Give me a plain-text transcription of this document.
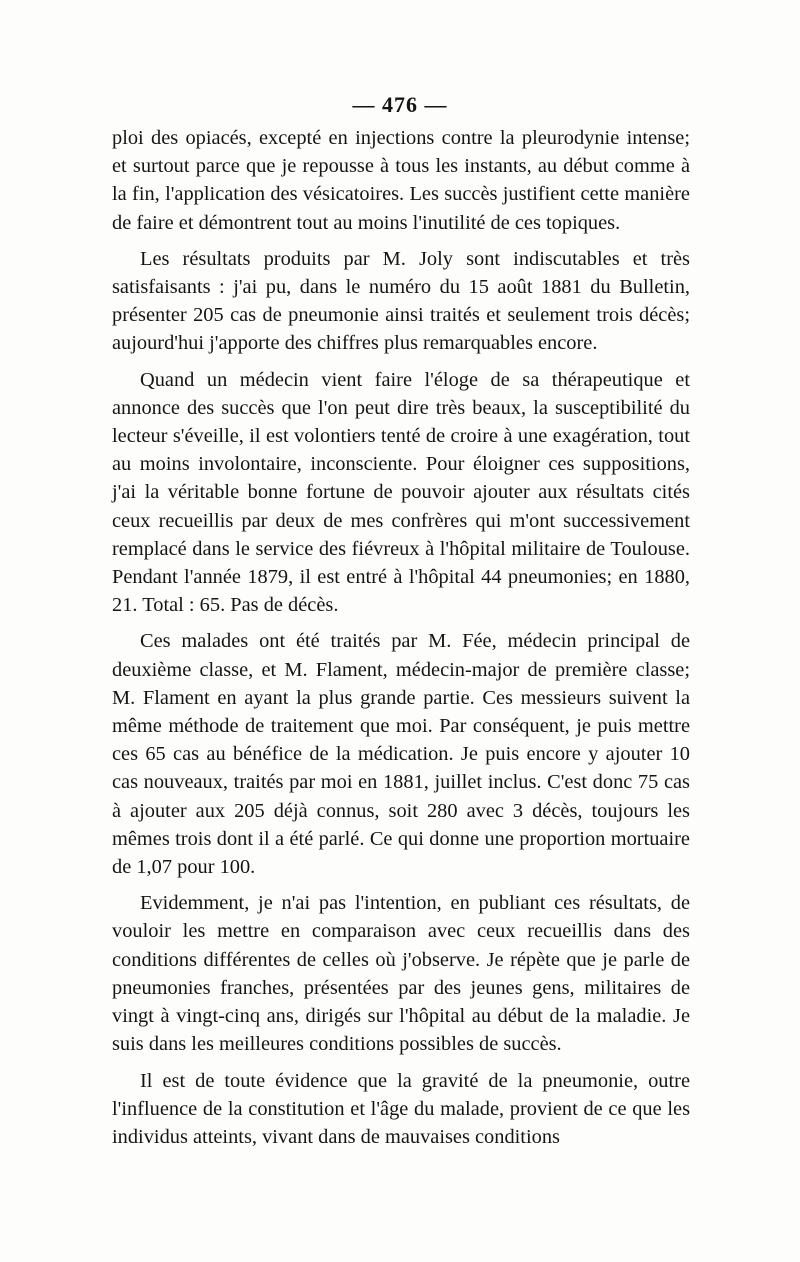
— 476 —

ploi des opiacés, excepté en injections contre la pleurodynie intense; et surtout parce que je repousse à tous les instants, au début comme à la fin, l'application des vésicatoires. Les succès justifient cette manière de faire et démontrent tout au moins l'inutilité de ces topiques.

Les résultats produits par M. Joly sont indiscutables et très satisfaisants : j'ai pu, dans le numéro du 15 août 1881 du Bulletin, présenter 205 cas de pneumonie ainsi traités et seulement trois décès; aujourd'hui j'apporte des chiffres plus remarquables encore.

Quand un médecin vient faire l'éloge de sa thérapeutique et annonce des succès que l'on peut dire très beaux, la susceptibilité du lecteur s'éveille, il est volontiers tenté de croire à une exagération, tout au moins involontaire, inconsciente. Pour éloigner ces suppositions, j'ai la véritable bonne fortune de pouvoir ajouter aux résultats cités ceux recueillis par deux de mes confrères qui m'ont successivement remplacé dans le service des fiévreux à l'hôpital militaire de Toulouse. Pendant l'année 1879, il est entré à l'hôpital 44 pneumonies; en 1880, 21. Total : 65. Pas de décès.

Ces malades ont été traités par M. Fée, médecin principal de deuxième classe, et M. Flament, médecin-major de première classe; M. Flament en ayant la plus grande partie. Ces messieurs suivent la même méthode de traitement que moi. Par conséquent, je puis mettre ces 65 cas au bénéfice de la médication. Je puis encore y ajouter 10 cas nouveaux, traités par moi en 1881, juillet inclus. C'est donc 75 cas à ajouter aux 205 déjà connus, soit 280 avec 3 décès, toujours les mêmes trois dont il a été parlé. Ce qui donne une proportion mortuaire de 1,07 pour 100.

Evidemment, je n'ai pas l'intention, en publiant ces résultats, de vouloir les mettre en comparaison avec ceux recueillis dans des conditions différentes de celles où j'observe. Je répète que je parle de pneumonies franches, présentées par des jeunes gens, militaires de vingt à vingt-cinq ans, dirigés sur l'hôpital au début de la maladie. Je suis dans les meilleures conditions possibles de succès.

Il est de toute évidence que la gravité de la pneumonie, outre l'influence de la constitution et l'âge du malade, provient de ce que les individus atteints, vivant dans de mauvaises conditions
